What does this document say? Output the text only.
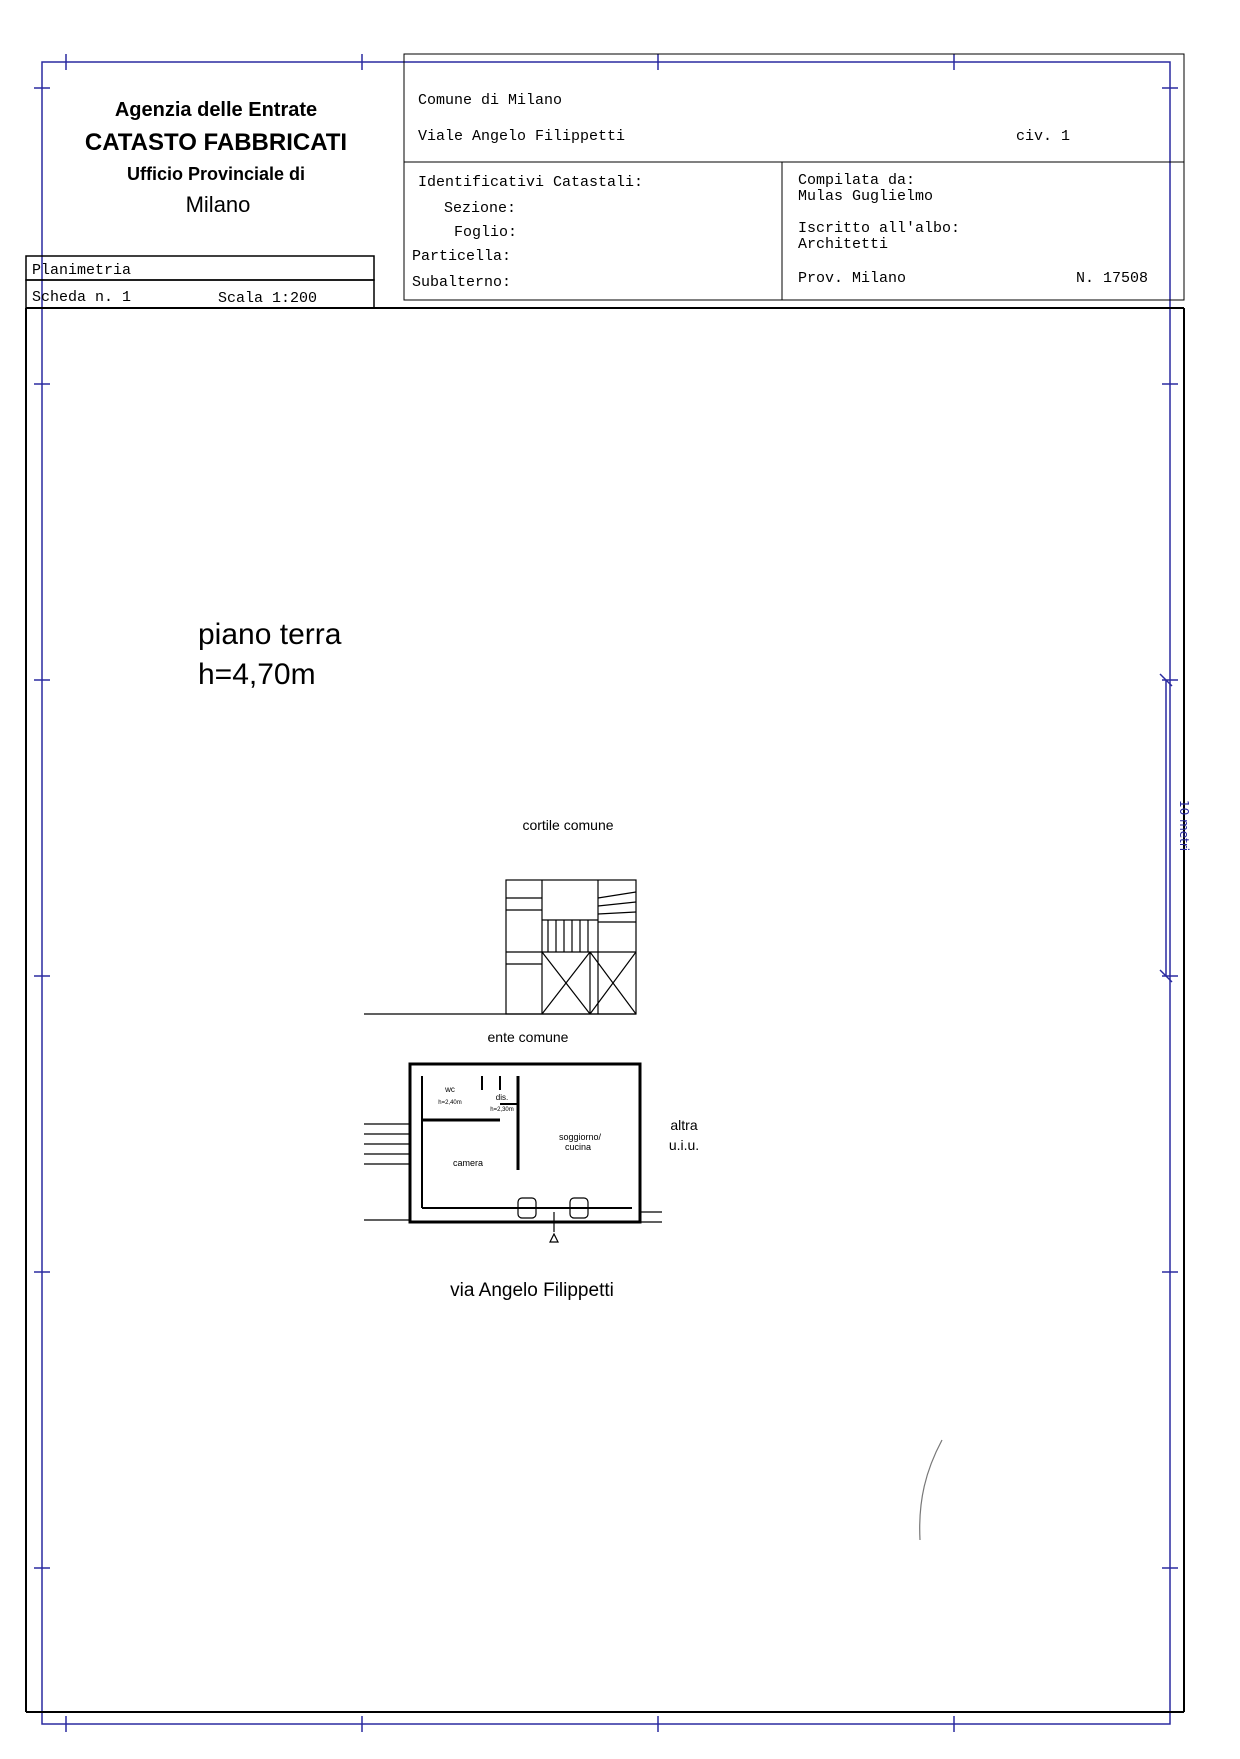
10 metri
Agenzia delle Entrate
CATASTO FABBRICATI
Ufficio Provinciale di
Milano
Planimetria
Scheda n. 1	Scala 1:200
Comune di Milano
Viale Angelo Filippetti	civ. 1
Identificativi Catastali:
Sezione:
Foglio:
Particella:
Subalterno:
Compilata da:
Mulas Guglielmo
Iscritto all'albo:
Architetti
Prov. Milano	N. 17508
piano terra
h=4,70m
cortile comune
ente comune
wc
h=2,40m
dis.
h=2,30m
soggiorno/
cucina
camera
altra
u.i.u.
via Angelo Filippetti
